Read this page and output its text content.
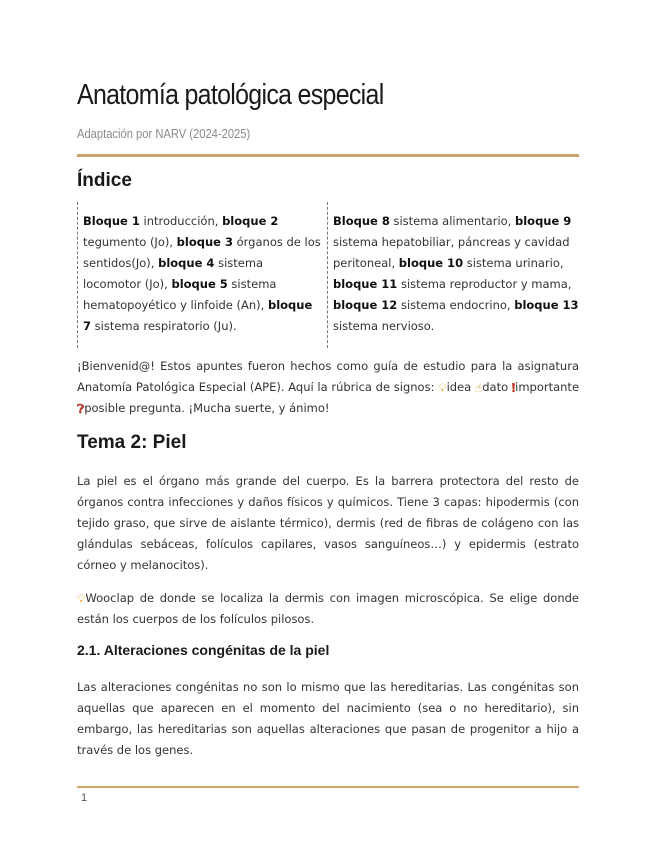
Anatomía patológica especial
Adaptación por NARV (2024-2025)
Índice
Bloque 1 introducción, bloque 2 tegumento (Jo), bloque 3 órganos de los sentidos(Jo), bloque 4 sistema locomotor (Jo), bloque 5 sistema hematopoyético y linfoide (An), bloque 7 sistema respiratorio (Ju).
Bloque 8 sistema alimentario, bloque 9 sistema hepatobiliar, páncreas y cavidad peritoneal, bloque 10 sistema urinario, bloque 11 sistema reproductor y mama, bloque 12 sistema endocrino, bloque 13 sistema nervioso.

¡Bienvenid@! Estos apuntes fueron hechos como guía de estudio para la asignatura Anatomía Patológica Especial (APE). Aquí la rúbrica de signos: 💡︎idea ☝︎dato ❗︎importante ❓︎posible pregunta. ¡Mucha suerte, y ánimo!

Tema 2: Piel

La piel es el órgano más grande del cuerpo. Es la barrera protectora del resto de órganos contra infecciones y daños físicos y químicos. Tiene 3 capas: hipodermis (con tejido graso, que sirve de aislante térmico), dermis (red de fibras de colágeno con las glándulas sebáceas, folículos capilares, vasos sanguíneos…) y epidermis (estrato córneo y melanocitos).

💡︎Wooclap de donde se localiza la dermis con imagen microscópica. Se elige donde están los cuerpos de los folículos pilosos.

2.1. Alteraciones congénitas de la piel

Las alteraciones congénitas no son lo mismo que las hereditarias. Las congénitas son aquellas que aparecen en el momento del nacimiento (sea o no hereditario), sin embargo, las hereditarias son aquellas alteraciones que pasan de progenitor a hijo a través de los genes.

1
